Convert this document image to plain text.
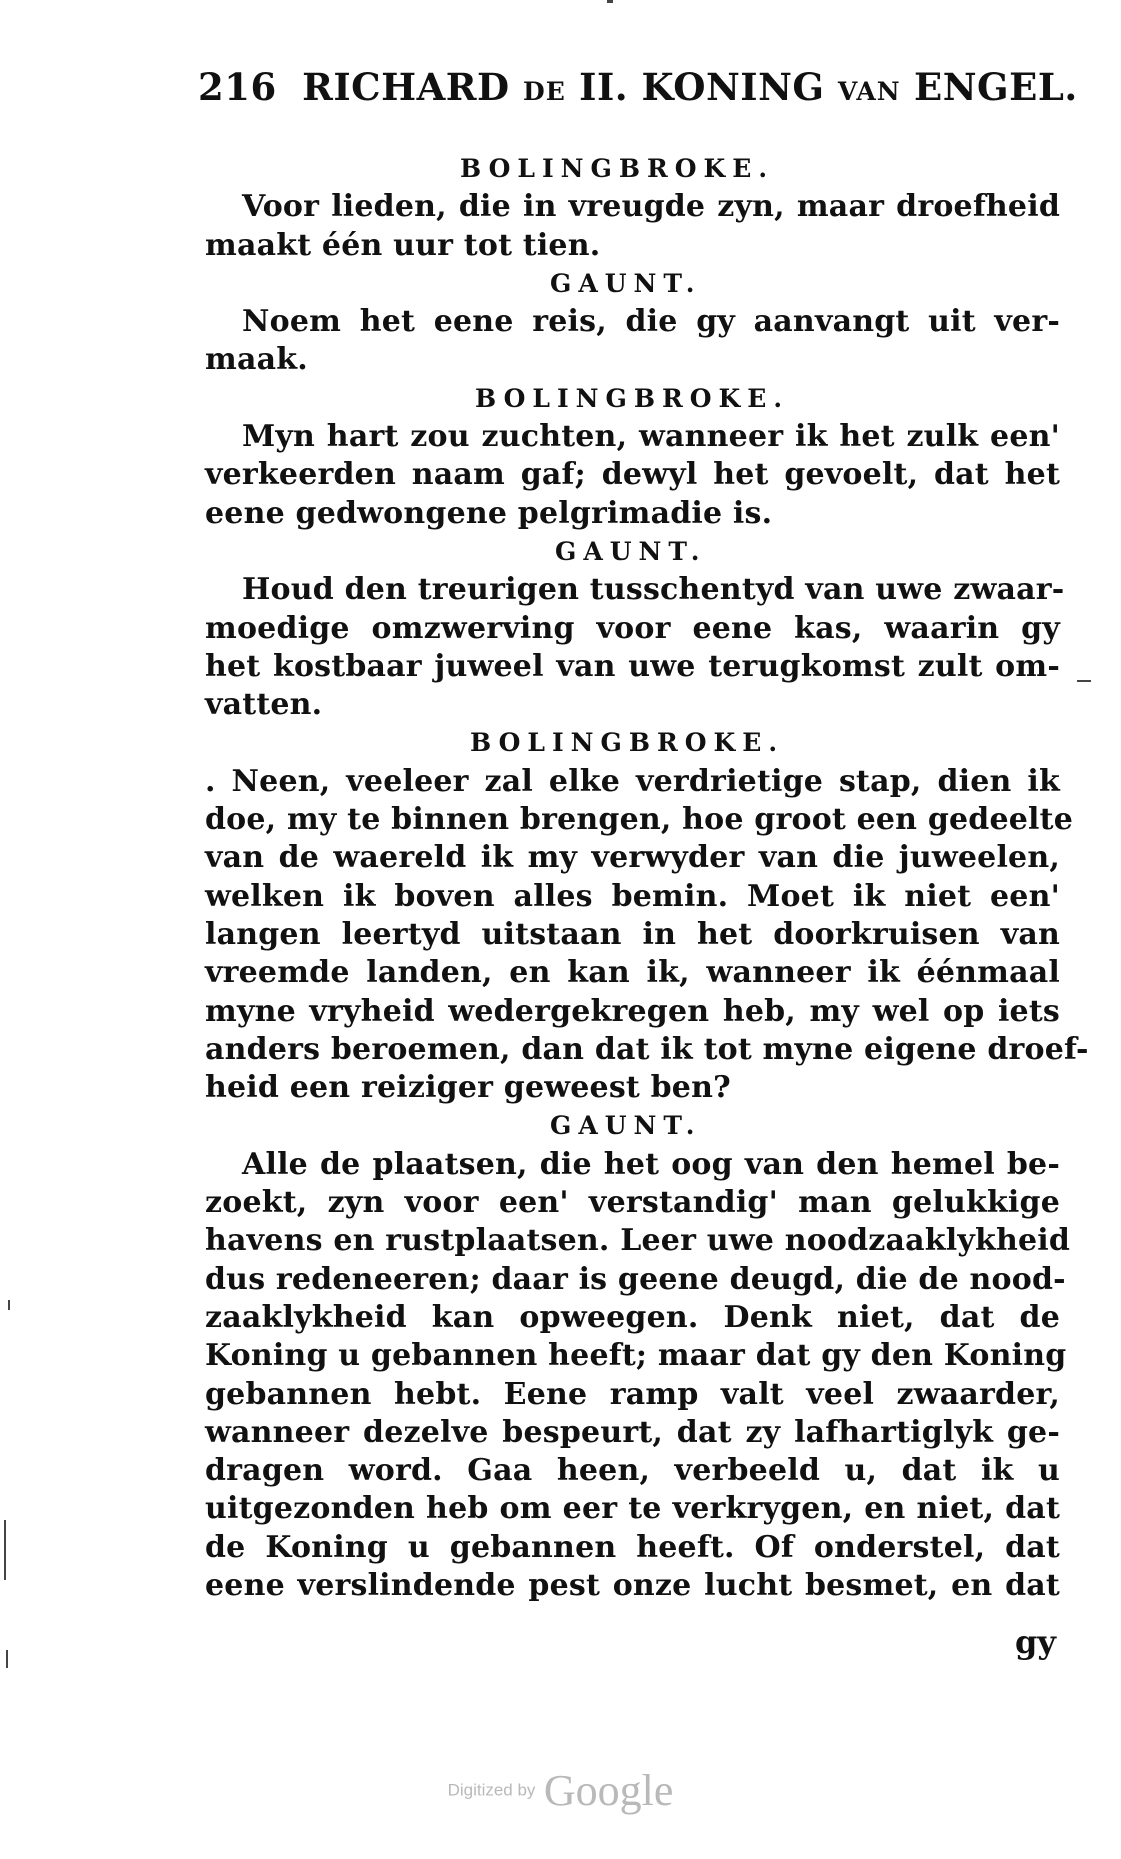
216 RICHARD DE II. KONING VAN ENGEL.
BOLINGBROKE.
Voor lieden, die in vreugde zyn, maar droefheid
maakt één uur tot tien.
GAUNT.
Noem het eene reis, die gy aanvangt uit ver-
maak.
BOLINGBROKE.
Myn hart zou zuchten, wanneer ik het zulk een'
verkeerden naam gaf; dewyl het gevoelt, dat het
eene gedwongene pelgrimadie is.
GAUNT.
Houd den treurigen tusschentyd van uwe zwaar-
moedige omzwerving voor eene kas, waarin gy
het kostbaar juweel van uwe terugkomst zult om-
vatten.
BOLINGBROKE.
. Neen, veeleer zal elke verdrietige stap, dien ik
doe, my te binnen brengen, hoe groot een gedeelte
van de waereld ik my verwyder van die juweelen,
welken ik boven alles bemin. Moet ik niet een'
langen leertyd uitstaan in het doorkruisen van
vreemde landen, en kan ik, wanneer ik éénmaal
myne vryheid wedergekregen heb, my wel op iets
anders beroemen, dan dat ik tot myne eigene droef-
heid een reiziger geweest ben?
GAUNT.
Alle de plaatsen, die het oog van den hemel be-
zoekt, zyn voor een' verstandig' man gelukkige
havens en rustplaatsen. Leer uwe noodzaaklykheid
dus redeneeren; daar is geene deugd, die de nood-
zaaklykheid kan opweegen. Denk niet, dat de
Koning u gebannen heeft; maar dat gy den Koning
gebannen hebt. Eene ramp valt veel zwaarder,
wanneer dezelve bespeurt, dat zy lafhartiglyk ge-
dragen word. Gaa heen, verbeeld u, dat ik u
uitgezonden heb om eer te verkrygen, en niet, dat
de Koning u gebannen heeft. Of onderstel, dat
eene verslindende pest onze lucht besmet, en dat
gy
Digitized by Google
